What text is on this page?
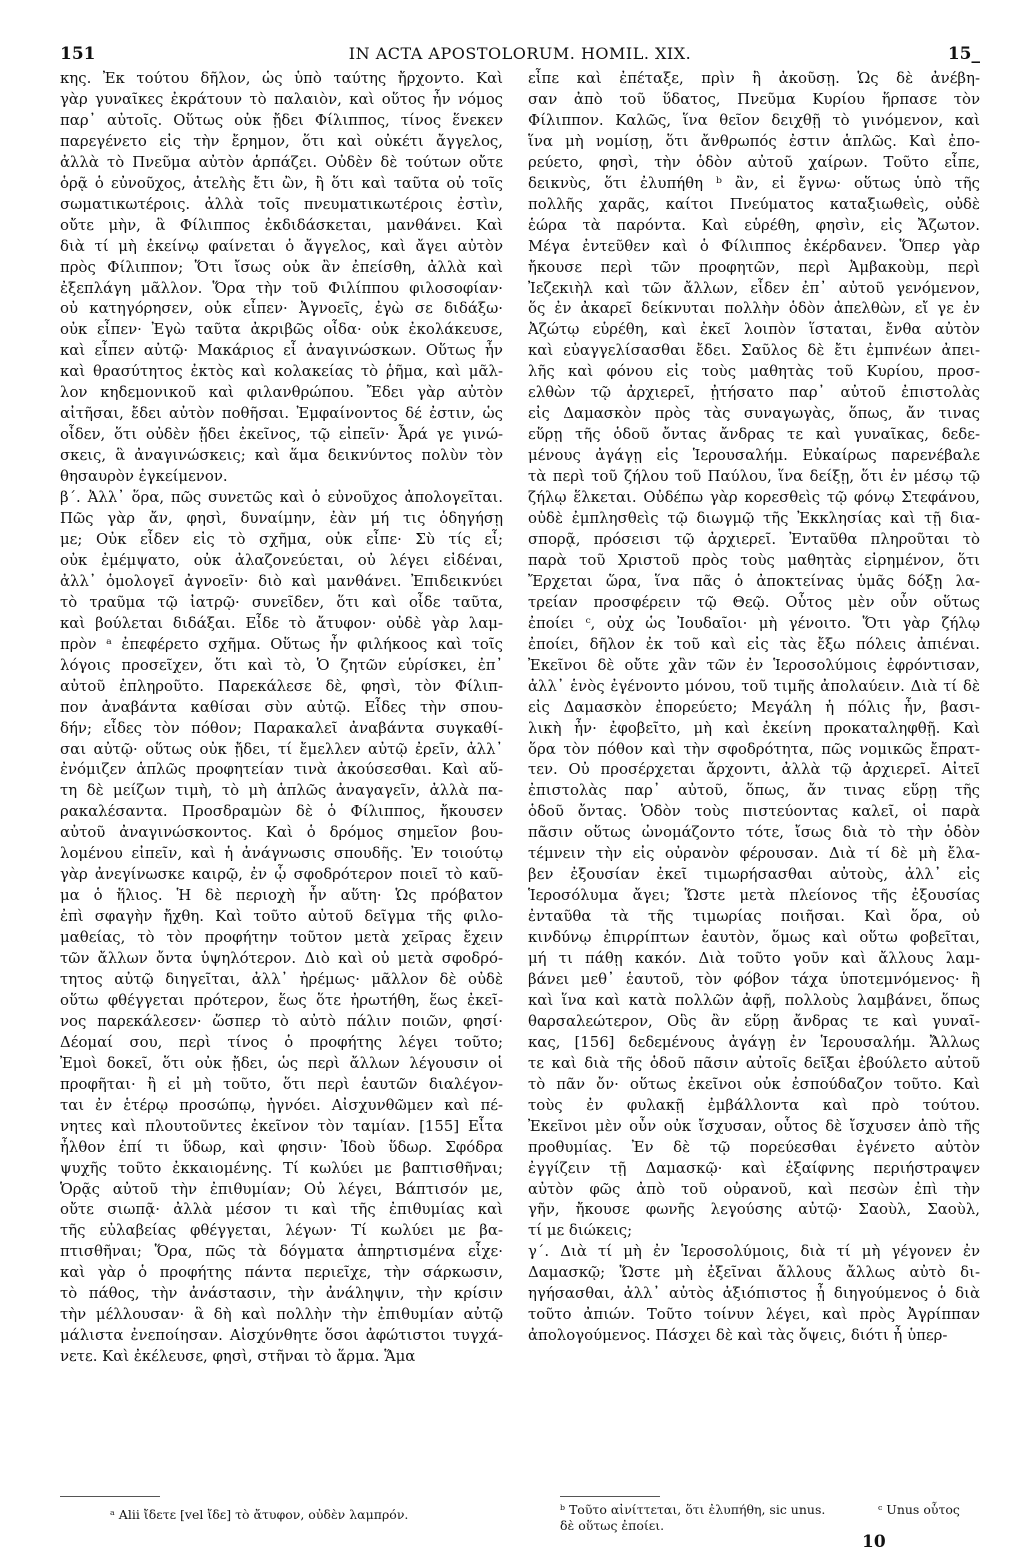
151	IN ACTA APOSTOLORUM. HOMIL. XIX.	15_
κης. Ἐκ τούτου δῆλον, ὡς ὑπὸ ταύτης ἤρχοντο. Καὶ
γὰρ γυναῖκες ἐκράτουν τὸ παλαιὸν, καὶ οὕτος ἦν νόμος
παρ᾽ αὐτοῖς. Οὕτως οὐκ ᾔδει Φίλιππος, τίνος ἕνεκεν
παρεγένετο εἰς τὴν ἔρημον, ὅτι καὶ οὐκέτι ἄγγελος,
ἀλλὰ τὸ Πνεῦμα αὐτὸν ἁρπάζει. Οὐδὲν δὲ τούτων οὔτε
ὁρᾷ ὁ εὐνοῦχος, ἀτελὴς ἔτι ὢν, ἢ ὅτι καὶ ταῦτα οὐ τοῖς
σωματικωτέροις. ἀλλὰ τοῖς πνευματικωτέροις ἐστὶν,
οὔτε μὴν, ἃ Φίλιππος ἐκδιδάσκεται, μανθάνει. Καὶ
διὰ τί μὴ ἐκείνῳ φαίνεται ὁ ἄγγελος, καὶ ἄγει αὐτὸν
πρὸς Φίλιππον; Ὅτι ἴσως οὐκ ἂν ἐπείσθη, ἀλλὰ καὶ
ἐξεπλάγη μᾶλλον. Ὅρα τὴν τοῦ Φιλίππου φιλοσοφίαν·
οὐ κατηγόρησεν, οὐκ εἶπεν· Ἀγνοεῖς, ἐγὼ σε διδάξω·
οὐκ εἶπεν· Ἐγὼ ταῦτα ἀκριβῶς οἶδα· οὐκ ἐκολάκευσε,
καὶ εἶπεν αὐτῷ· Μακάριος εἶ ἀναγινώσκων. Οὕτως ἦν
καὶ θρασύτητος ἐκτὸς καὶ κολακείας τὸ ῥῆμα, καὶ μᾶλ-
λον κηδεμονικοῦ καὶ φιλανθρώπου. Ἔδει γὰρ αὐτὸν
αἰτῆσαι, ἔδει αὐτὸν ποθῆσαι. Ἐμφαίνοντος δέ ἐστιν, ὡς
οἶδεν, ὅτι οὐδὲν ᾔδει ἐκεῖνος, τῷ εἰπεῖν· Ἆρά γε γινώ-
σκεις, ἃ ἀναγινώσκεις; καὶ ἅμα δεικνύντος πολὺν τὸν
θησαυρὸν ἐγκείμενον.
β΄. Ἀλλ᾽ ὅρα, πῶς συνετῶς καὶ ὁ εὐνοῦχος ἀπολογεῖται.
Πῶς γὰρ ἄν, φησὶ, δυναίμην, ἐὰν μή τις ὁδηγήσῃ
με; Οὐκ εἶδεν εἰς τὸ σχῆμα, οὐκ εἶπε· Σὺ τίς εἶ;
οὐκ ἐμέμψατο, οὐκ ἀλαζονεύεται, οὐ λέγει εἰδέναι,
ἀλλ᾽ ὁμολογεῖ ἀγνοεῖν· διὸ καὶ μανθάνει. Ἐπιδεικνύει
τὸ τραῦμα τῷ ἰατρῷ· συνεῖδεν, ὅτι καὶ οἶδε ταῦτα,
καὶ βούλεται διδάξαι. Εἶδε τὸ ἄτυφον· οὐδὲ γὰρ λαμ-
πρὸν ᵃ ἐπεφέρετο σχῆμα. Οὕτως ἦν φιλήκοος καὶ τοῖς
λόγοις προσεῖχεν, ὅτι καὶ τὸ, Ὁ ζητῶν εὑρίσκει, ἐπ᾽
αὐτοῦ ἐπληροῦτο. Παρεκάλεσε δὲ, φησὶ, τὸν Φίλιπ-
πον ἀναβάντα καθίσαι σὺν αὐτῷ. Εἶδες τὴν σπου-
δήν; εἶδες τὸν πόθον; Παρακαλεῖ ἀναβάντα συγκαθί-
σαι αὐτῷ· οὕτως οὐκ ᾔδει, τί ἔμελλεν αὐτῷ ἐρεῖν, ἀλλ᾽
ἐνόμιζεν ἁπλῶς προφητείαν τινὰ ἀκούσεσθαι. Καὶ αὕ-
τη δὲ μείζων τιμὴ, τὸ μὴ ἁπλῶς ἀναγαγεῖν, ἀλλὰ πα-
ρακαλέσαντα. Προσδραμὼν δὲ ὁ Φίλιππος, ἤκουσεν
αὐτοῦ ἀναγινώσκοντος. Καὶ ὁ δρόμος σημεῖον βου-
λομένου εἰπεῖν, καὶ ἡ ἀνάγνωσις σπουδῆς. Ἐν τοιούτῳ
γὰρ ἀνεγίνωσκε καιρῷ, ἐν ᾧ σφοδρότερον ποιεῖ τὸ καῦ-
μα ὁ ἥλιος. Ἡ δὲ περιοχὴ ἦν αὕτη· Ὡς πρόβατον
ἐπὶ σφαγὴν ἤχθη. Καὶ τοῦτο αὐτοῦ δεῖγμα τῆς φιλο-
μαθείας, τὸ τὸν προφήτην τοῦτον μετὰ χεῖρας ἔχειν
τῶν ἄλλων ὄντα ὑψηλότερον. Διὸ καὶ οὐ μετὰ σφοδρό-
τητος αὐτῷ διηγεῖται, ἀλλ᾽ ἠρέμως· μᾶλλον δὲ οὐδὲ
οὕτω φθέγγεται πρότερον, ἕως ὅτε ἠρωτήθη, ἕως ἐκεῖ-
νος παρεκάλεσεν· ὥσπερ τὸ αὐτὸ πάλιν ποιῶν, φησί·
Δέομαί σου, περὶ τίνος ὁ προφήτης λέγει τοῦτο;
Ἐμοὶ δοκεῖ, ὅτι οὐκ ᾔδει, ὡς περὶ ἄλλων λέγουσιν οἱ
προφῆται· ἢ εἰ μὴ τοῦτο, ὅτι περὶ ἑαυτῶν διαλέγον-
ται ἐν ἑτέρῳ προσώπῳ, ἠγνόει. Αἰσχυνθῶμεν καὶ πέ-
νητες καὶ πλουτοῦντες ἐκεῖνον τὸν ταμίαν. [155] Εἶτα
ἦλθον ἐπί τι ὕδωρ, καὶ φησιν· Ἰδοὺ ὕδωρ. Σφόδρα
ψυχῆς τοῦτο ἐκκαιομένης. Τί κωλύει με βαπτισθῆναι;
Ὁρᾷς αὐτοῦ τὴν ἐπιθυμίαν; Οὐ λέγει, Βάπτισόν με,
οὔτε σιωπᾷ· ἀλλὰ μέσον τι καὶ τῆς ἐπιθυμίας καὶ
τῆς εὐλαβείας φθέγγεται, λέγων· Τί κωλύει με βα-
πτισθῆναι; Ὅρα, πῶς τὰ δόγματα ἀπηρτισμένα εἶχε·
καὶ γὰρ ὁ προφήτης πάντα περιεῖχε, τὴν σάρκωσιν,
τὸ πάθος, τὴν ἀνάστασιν, τὴν ἀνάληψιν, τὴν κρίσιν
τὴν μέλλουσαν· ἃ δὴ καὶ πολλὴν τὴν ἐπιθυμίαν αὐτῷ
μάλιστα ἐνεποίησαν. Αἰσχύνθητε ὅσοι ἀφώτιστοι τυγχά-
νετε. Καὶ ἐκέλευσε, φησὶ, στῆναι τὸ ἅρμα. Ἅμα
εἶπε καὶ ἐπέταξε, πρὶν ἢ ἀκοῦσῃ. Ὡς δὲ ἀνέβη-
σαν ἀπὸ τοῦ ὕδατος, Πνεῦμα Κυρίου ἥρπασε τὸν
Φίλιππον. Καλῶς, ἵνα θεῖον δειχθῇ τὸ γινόμενον, καὶ
ἵνα μὴ νομίσῃ, ὅτι ἄνθρωπός ἐστιν ἁπλῶς. Καὶ ἐπο-
ρεύετο, φησὶ, τὴν ὁδὸν αὐτοῦ χαίρων. Τοῦτο εἶπε,
δεικνὺς, ὅτι ἐλυπήθη ᵇ ἂν, εἰ ἔγνω· οὕτως ὑπὸ τῆς
πολλῆς χαρᾶς, καίτοι Πνεύματος καταξιωθεὶς, οὐδὲ
ἑώρα τὰ παρόντα. Καὶ εὑρέθη, φησὶν, εἰς Ἄζωτον.
Μέγα ἐντεῦθεν καὶ ὁ Φίλιππος ἐκέρδανεν. Ὅπερ γὰρ
ἤκουσε περὶ τῶν προφητῶν, περὶ Ἀμβακοὺμ, περὶ
Ἰεζεκιὴλ καὶ τῶν ἄλλων, εἶδεν ἐπ᾽ αὐτοῦ γενόμενον,
ὅς ἐν ἀκαρεῖ δείκνυται πολλὴν ὁδὸν ἀπελθὼν, εἴ γε ἐν
Ἀζώτῳ εὑρέθη, καὶ ἐκεῖ λοιπὸν ἵσταται, ἔνθα αὐτὸν
καὶ εὐαγγελίσασθαι ἔδει. Σαῦλος δὲ ἔτι ἐμπνέων ἀπει-
λῆς καὶ φόνου εἰς τοὺς μαθητὰς τοῦ Κυρίου, προσ-
ελθὼν τῷ ἀρχιερεῖ, ᾐτήσατο παρ᾽ αὐτοῦ ἐπιστολὰς
εἰς Δαμασκὸν πρὸς τὰς συναγωγὰς, ὅπως, ἄν τινας
εὕρῃ τῆς ὁδοῦ ὄντας ἄνδρας τε καὶ γυναῖκας, δεδε-
μένους ἀγάγῃ εἰς Ἱερουσαλήμ. Εὐκαίρως παρενέβαλε
τὰ περὶ τοῦ ζήλου τοῦ Παύλου, ἵνα δείξῃ, ὅτι ἐν μέσῳ τῷ
ζήλῳ ἕλκεται. Οὐδέπω γὰρ κορεσθεὶς τῷ φόνῳ Στεφάνου,
οὐδὲ ἐμπλησθεὶς τῷ διωγμῷ τῆς Ἐκκλησίας καὶ τῇ δια-
σπορᾷ, πρόσεισι τῷ ἀρχιερεῖ. Ἐνταῦθα πληροῦται τὸ
παρὰ τοῦ Χριστοῦ πρὸς τοὺς μαθητὰς εἰρημένον, ὅτι
Ἔρχεται ὥρα, ἵνα πᾶς ὁ ἀποκτείνας ὑμᾶς δόξῃ λα-
τρείαν προσφέρειν τῷ Θεῷ. Οὗτος μὲν οὖν οὕτως
ἐποίει ᶜ, οὐχ ὡς Ἰουδαῖοι· μὴ γένοιτο. Ὅτι γὰρ ζήλῳ
ἐποίει, δῆλον ἐκ τοῦ καὶ εἰς τὰς ἔξω πόλεις ἀπιέναι.
Ἐκεῖνοι δὲ οὔτε χἂν τῶν ἐν Ἱεροσολύμοις ἐφρόντισαν,
ἀλλ᾽ ἑνὸς ἐγένοντο μόνου, τοῦ τιμῆς ἀπολαύειν. Διὰ τί δὲ
εἰς Δαμασκὸν ἐπορεύετο; Μεγάλη ἡ πόλις ἦν, βασι-
λικὴ ἦν· ἐφοβεῖτο, μὴ καὶ ἐκείνη προκαταληφθῇ. Καὶ
ὅρα τὸν πόθον καὶ τὴν σφοδρότητα, πῶς νομικῶς ἔπρατ-
τεν. Οὐ προσέρχεται ἄρχοντι, ἀλλὰ τῷ ἀρχιερεῖ. Αἰτεῖ
ἐπιστολὰς παρ᾽ αὐτοῦ, ὅπως, ἄν τινας εὕρῃ τῆς
ὁδοῦ ὄντας. Ὁδὸν τοὺς πιστεύοντας καλεῖ, οἱ παρὰ
πᾶσιν οὕτως ὠνομάζοντο τότε, ἴσως διὰ τὸ τὴν ὁδὸν
τέμνειν τὴν εἰς οὐρανὸν φέρουσαν. Διὰ τί δὲ μὴ ἔλα-
βεν ἐξουσίαν ἐκεῖ τιμωρήσασθαι αὐτοὺς, ἀλλ᾽ εἰς
Ἱεροσόλυμα ἄγει; Ὥστε μετὰ πλείονος τῆς ἐξουσίας
ἐνταῦθα τὰ τῆς τιμωρίας ποιῆσαι. Καὶ ὅρα, οὐ
κινδύνῳ ἐπιρρίπτων ἑαυτὸν, ὅμως καὶ οὕτω φοβεῖται,
μή τι πάθῃ κακόν. Διὰ τοῦτο γοῦν καὶ ἄλλους λαμ-
βάνει μεθ᾽ ἑαυτοῦ, τὸν φόβον τάχα ὑποτεμνόμενος· ἢ
καὶ ἵνα καὶ κατὰ πολλῶν ἀφῇ, πολλοὺς λαμβάνει, ὅπως
θαρσαλεώτερον, Οὓς ἂν εὕρῃ ἄνδρας τε καὶ γυναῖ-
κας, [156] δεδεμένους ἀγάγῃ ἐν Ἱερουσαλήμ. Ἄλλως
τε καὶ διὰ τῆς ὁδοῦ πᾶσιν αὐτοῖς δεῖξαι ἐβούλετο αὐτοῦ
τὸ πᾶν ὄν· οὕτως ἐκεῖνοι οὐκ ἐσπούδαζον τοῦτο. Καὶ
τοὺς ἐν φυλακῇ ἐμβάλλοντα καὶ πρὸ τούτου.
Ἐκεῖνοι μὲν οὖν οὐκ ἴσχυσαν, οὗτος δὲ ἴσχυσεν ἀπὸ τῆς
προθυμίας. Ἐν δὲ τῷ πορεύεσθαι ἐγένετο αὐτὸν
ἐγγίζειν τῇ Δαμασκῷ· καὶ ἐξαίφνης περιήστραψεν
αὐτὸν φῶς ἀπὸ τοῦ οὐρανοῦ, καὶ πεσὼν ἐπὶ τὴν
γῆν, ἤκουσε φωνῆς λεγούσης αὐτῷ· Σαοὺλ, Σαοὺλ,
τί με διώκεις;
γ΄. Διὰ τί μὴ ἐν Ἱεροσολύμοις, διὰ τί μὴ γέγονεν ἐν
Δαμασκῷ; Ὥστε μὴ ἐξεῖναι ἄλλους ἄλλως αὐτὸ δι-
ηγήσασθαι, ἀλλ᾽ αὐτὸς ἀξιόπιστος ᾖ διηγούμενος ὁ διὰ
τοῦτο ἀπιών. Τοῦτο τοίνυν λέγει, καὶ πρὸς Ἀγρίππαν
ἀπολογούμενος. Πάσχει δὲ καὶ τὰς ὄψεις, διότι ἦ ὑπερ-
ᵃ Alii ἴδετε [vel ἴδε] τὸ ἄτυφον, οὐδὲν λαμπρόν.	ᵇ Τοῦτο αἰνίττεται, ὅτι ἐλυπήθη, sic unus.	ᶜ Unus οὗτος
δὲ οὕτως ἐποίει.
10
